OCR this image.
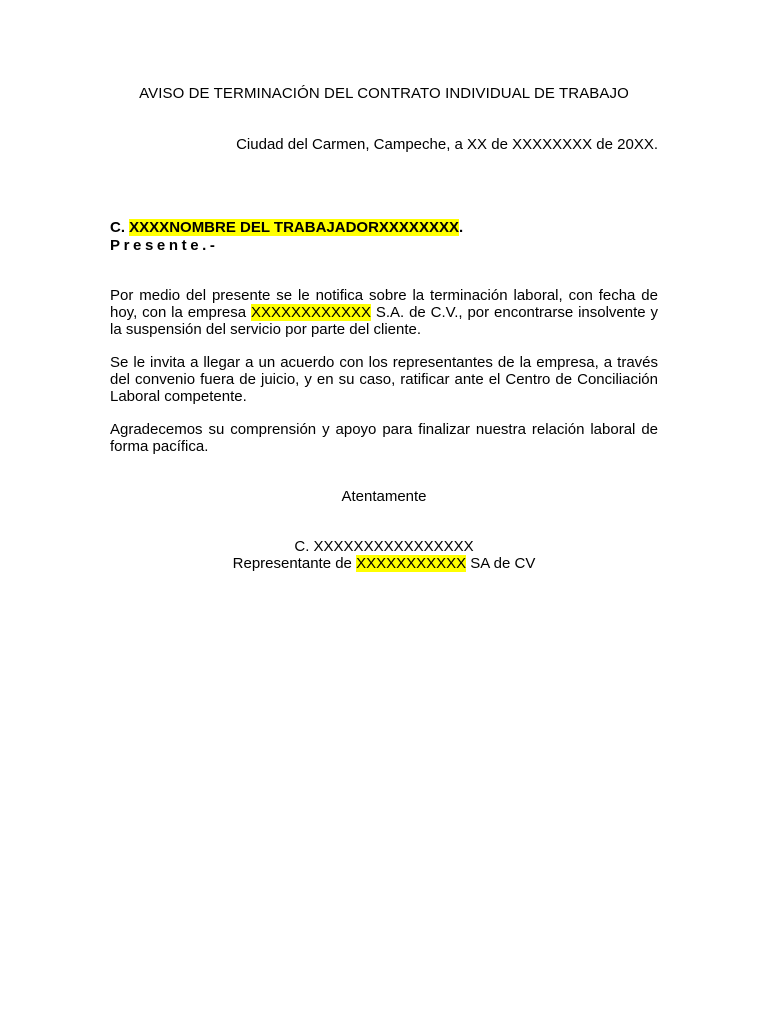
AVISO DE TERMINACIÓN DEL CONTRATO INDIVIDUAL DE TRABAJO
Ciudad del Carmen, Campeche, a XX de XXXXXXXX de 20XX.
C. XXXXNOMBRE DEL TRABAJADORXXXXXXXX.
Presente.-

Por medio del presente se le notifica sobre la terminación laboral, con fecha de hoy, con la empresa XXXXXXXXXXXX S.A. de C.V., por encontrarse insolvente y la suspensión del servicio por parte del cliente.

Se le invita a llegar a un acuerdo con los representantes de la empresa, a través del convenio fuera de juicio, y en su caso, ratificar ante el Centro de Conciliación Laboral competente.

Agradecemos su comprensión y apoyo para finalizar nuestra relación laboral de forma pacífica.

Atentamente
C. XXXXXXXXXXXXXXXX
Representante de XXXXXXXXXXX SA de CV
